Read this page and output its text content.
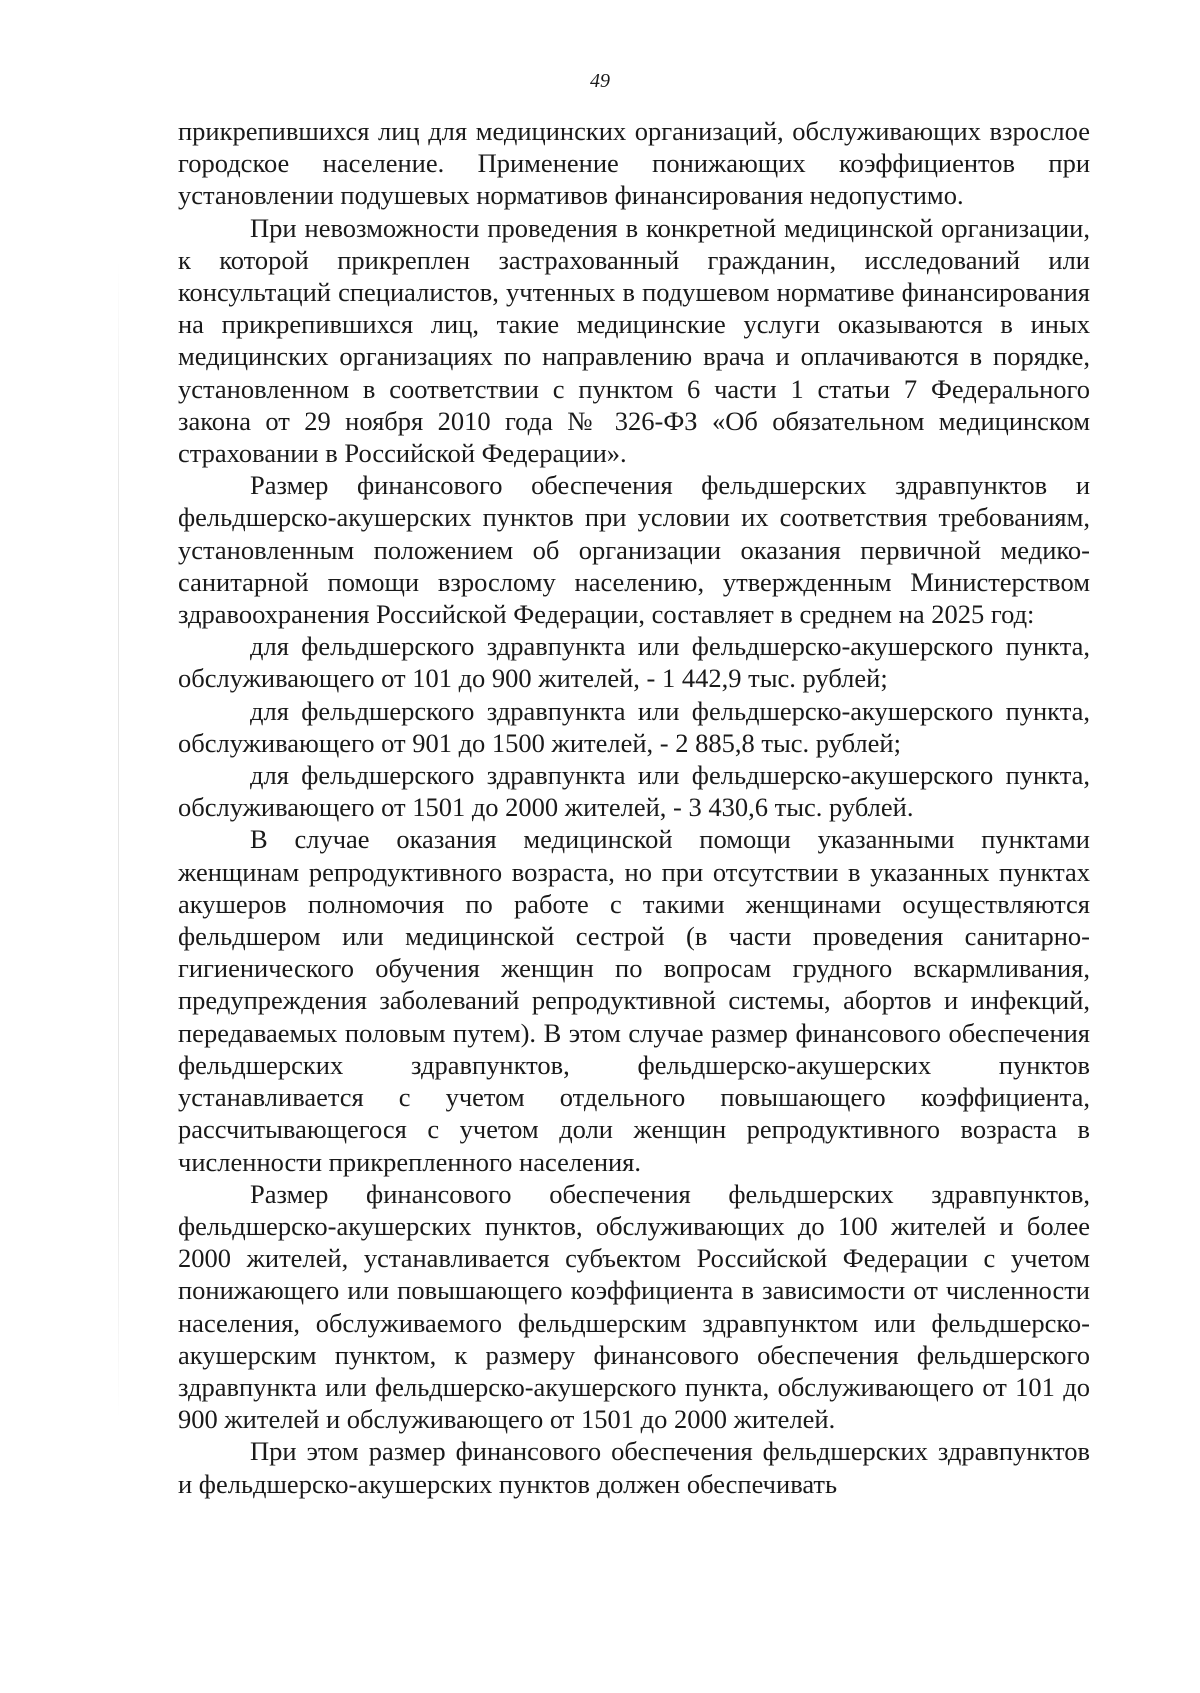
49

прикрепившихся лиц для медицинских организаций, обслуживающих взрослое городское население. Применение понижающих коэффициентов при установлении подушевых нормативов финансирования недопустимо.

При невозможности проведения в конкретной медицинской организации, к которой прикреплен застрахованный гражданин, исследований или консультаций специалистов, учтенных в подушевом нормативе финансирования на прикрепившихся лиц, такие медицинские услуги оказываются в иных медицинских организациях по направлению врача и оплачиваются в порядке, установленном в соответствии с пунктом 6 части 1 статьи 7 Федерального закона от 29 ноября 2010 года № 326-ФЗ «Об обязательном медицинском страховании в Российской Федерации».

Размер финансового обеспечения фельдшерских здравпунктов и фельдшерско-акушерских пунктов при условии их соответствия требованиям, установленным положением об организации оказания первичной медико-санитарной помощи взрослому населению, утвержденным Министерством здравоохранения Российской Федерации, составляет в среднем на 2025 год:

для фельдшерского здравпункта или фельдшерско-акушерского пункта, обслуживающего от 101 до 900 жителей, - 1 442,9 тыс. рублей;

для фельдшерского здравпункта или фельдшерско-акушерского пункта, обслуживающего от 901 до 1500 жителей, - 2 885,8 тыс. рублей;

для фельдшерского здравпункта или фельдшерско-акушерского пункта, обслуживающего от 1501 до 2000 жителей, - 3 430,6 тыс. рублей.

В случае оказания медицинской помощи указанными пунктами женщинам репродуктивного возраста, но при отсутствии в указанных пунктах акушеров полномочия по работе с такими женщинами осуществляются фельдшером или медицинской сестрой (в части проведения санитарно-гигиенического обучения женщин по вопросам грудного вскармливания, предупреждения заболеваний репродуктивной системы, абортов и инфекций, передаваемых половым путем). В этом случае размер финансового обеспечения фельдшерских здравпунктов, фельдшерско-акушерских пунктов устанавливается с учетом отдельного повышающего коэффициента, рассчитывающегося с учетом доли женщин репродуктивного возраста в численности прикрепленного населения.

Размер финансового обеспечения фельдшерских здравпунктов, фельдшерско-акушерских пунктов, обслуживающих до 100 жителей и более 2000 жителей, устанавливается субъектом Российской Федерации с учетом понижающего или повышающего коэффициента в зависимости от численности населения, обслуживаемого фельдшерским здравпунктом или фельдшерско-акушерским пунктом, к размеру финансового обеспечения фельдшерского здравпункта или фельдшерско-акушерского пункта, обслуживающего от 101 до 900 жителей и обслуживающего от 1501 до 2000 жителей.

При этом размер финансового обеспечения фельдшерских здравпунктов и фельдшерско-акушерских пунктов должен обеспечивать
